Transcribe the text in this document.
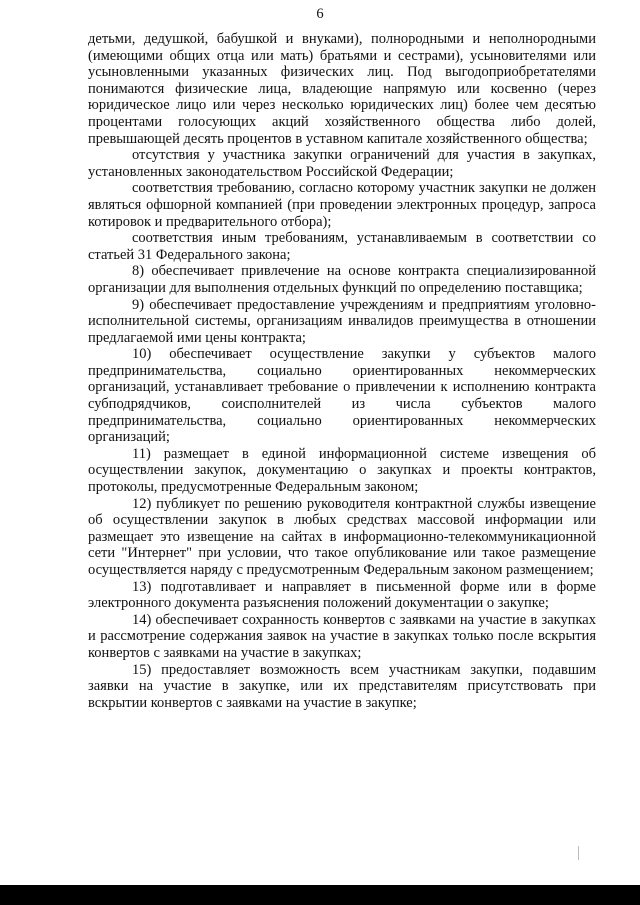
6

детьми, дедушкой, бабушкой и внуками), полнородными и неполнородными (имеющими общих отца или мать) братьями и сестрами), усыновителями или усыновленными указанных физических лиц. Под выгодоприобретателями понимаются физические лица, владеющие напрямую или косвенно (через юридическое лицо или через несколько юридических лиц) более чем десятью процентами голосующих акций хозяйственного общества либо долей, превышающей десять процентов в уставном капитале хозяйственного общества;

отсутствия у участника закупки ограничений для участия в закупках, установленных законодательством Российской Федерации;

соответствия требованию, согласно которому участник закупки не должен являться офшорной компанией (при проведении электронных процедур, запроса котировок и предварительного отбора);

соответствия иным требованиям, устанавливаемым в соответствии со статьей 31 Федерального закона;

8) обеспечивает привлечение на основе контракта специализированной организации для выполнения отдельных функций по определению поставщика;

9) обеспечивает предоставление учреждениям и предприятиям уголовно-исполнительной системы, организациям инвалидов преимущества в отношении предлагаемой ими цены контракта;

10) обеспечивает осуществление закупки у субъектов малого предпринимательства, социально ориентированных некоммерческих организаций, устанавливает требование о привлечении к исполнению контракта субподрядчиков, соисполнителей из числа субъектов малого предпринимательства, социально ориентированных некоммерческих организаций;

11) размещает в единой информационной системе извещения об осуществлении закупок, документацию о закупках и проекты контрактов, протоколы, предусмотренные Федеральным законом;

12) публикует по решению руководителя контрактной службы извещение об осуществлении закупок в любых средствах массовой информации или размещает это извещение на сайтах в информационно-телекоммуникационной сети "Интернет" при условии, что такое опубликование или такое размещение осуществляется наряду с предусмотренным Федеральным законом размещением;

13) подготавливает и направляет в письменной форме или в форме электронного документа разъяснения положений документации о закупке;

14) обеспечивает сохранность конвертов с заявками на участие в закупках и рассмотрение содержания заявок на участие в закупках только после вскрытия конвертов с заявками на участие в закупках;

15) предоставляет возможность всем участникам закупки, подавшим заявки на участие в закупке, или их представителям присутствовать при вскрытии конвертов с заявками на участие в закупке;
